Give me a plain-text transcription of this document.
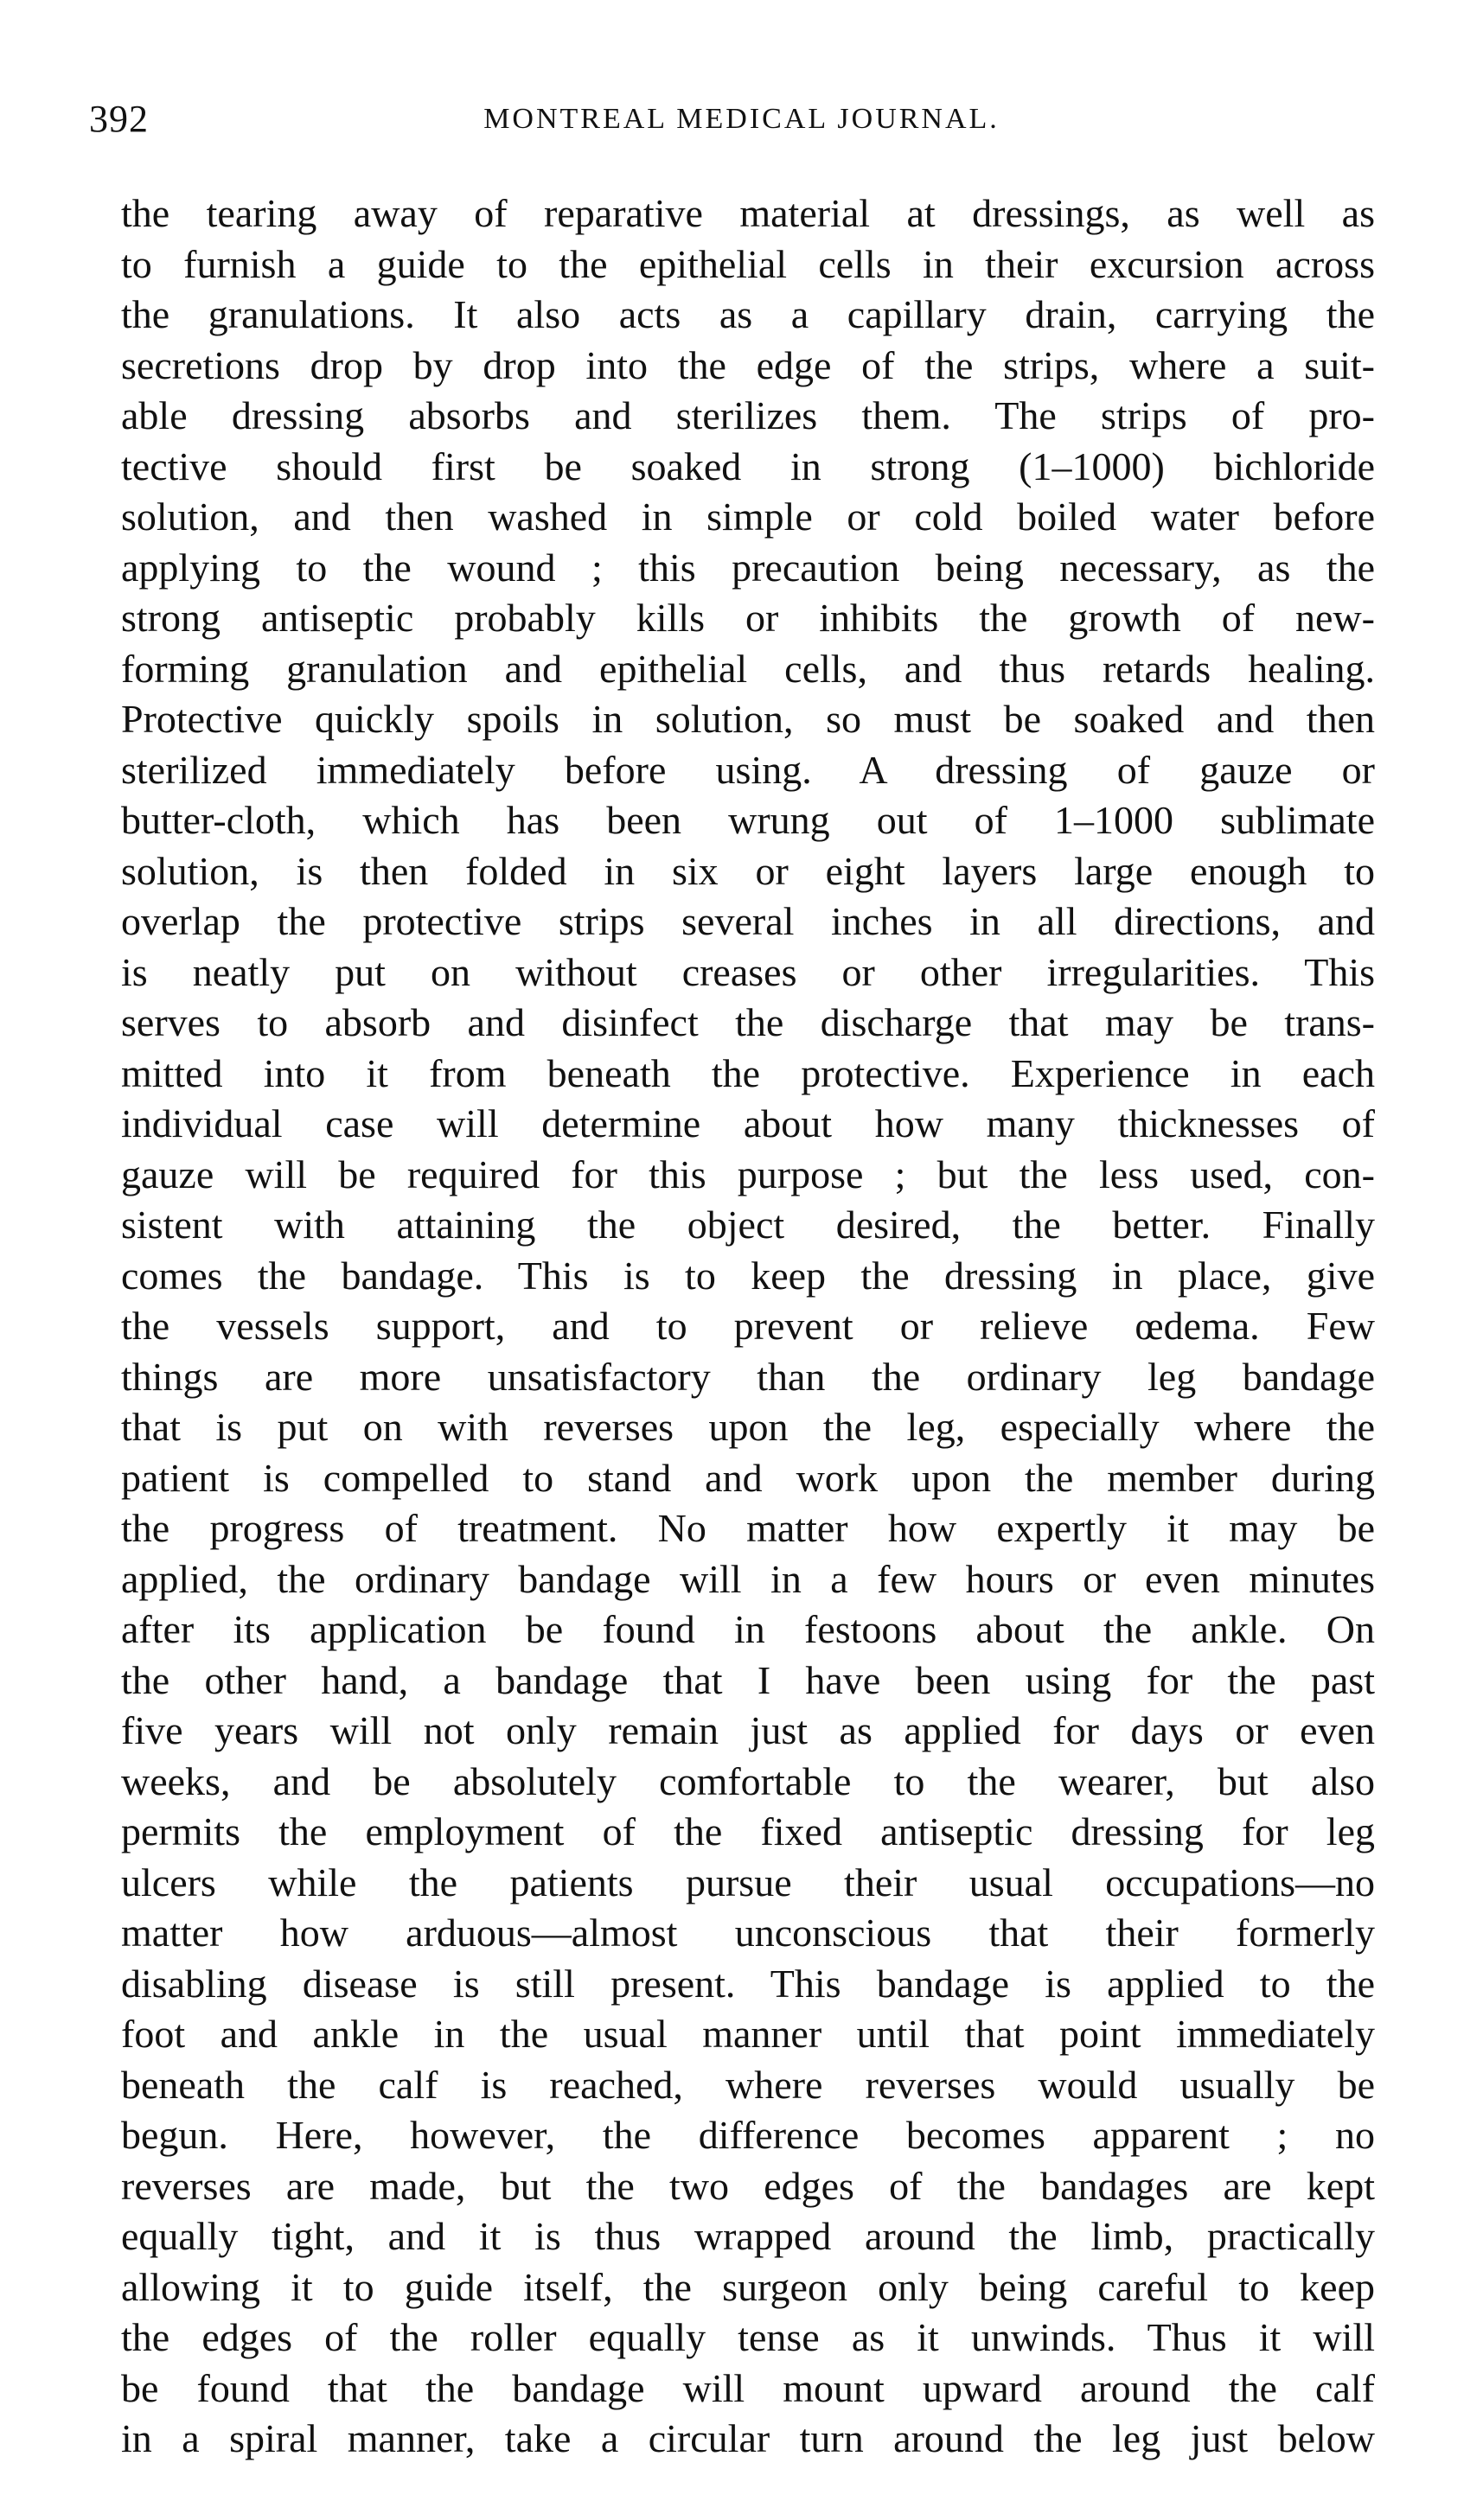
392	MONTREAL MEDICAL JOURNAL.
the tearing away of reparative material at dressings, as well as
to furnish a guide to the epithelial cells in their excursion across
the granulations. It also acts as a capillary drain, carrying the
secretions drop by drop into the edge of the strips, where a suit-
able dressing absorbs and sterilizes them. The strips of pro-
tective should first be soaked in strong (1–1000) bichloride
solution, and then washed in simple or cold boiled water before
applying to the wound ; this precaution being necessary, as the
strong antiseptic probably kills or inhibits the growth of new-
forming granulation and epithelial cells, and thus retards healing.
Protective quickly spoils in solution, so must be soaked and then
sterilized immediately before using. A dressing of gauze or
butter-cloth, which has been wrung out of 1–1000 sublimate
solution, is then folded in six or eight layers large enough to
overlap the protective strips several inches in all directions, and
is neatly put on without creases or other irregularities. This
serves to absorb and disinfect the discharge that may be trans-
mitted into it from beneath the protective. Experience in each
individual case will determine about how many thicknesses of
gauze will be required for this purpose ; but the less used, con-
sistent with attaining the object desired, the better. Finally
comes the bandage. This is to keep the dressing in place, give
the vessels support, and to prevent or relieve œdema. Few
things are more unsatisfactory than the ordinary leg bandage
that is put on with reverses upon the leg, especially where the
patient is compelled to stand and work upon the member during
the progress of treatment. No matter how expertly it may be
applied, the ordinary bandage will in a few hours or even minutes
after its application be found in festoons about the ankle. On
the other hand, a bandage that I have been using for the past
five years will not only remain just as applied for days or even
weeks, and be absolutely comfortable to the wearer, but also
permits the employment of the fixed antiseptic dressing for leg
ulcers while the patients pursue their usual occupations—no
matter how arduous—almost unconscious that their formerly
disabling disease is still present. This bandage is applied to the
foot and ankle in the usual manner until that point immediately
beneath the calf is reached, where reverses would usually be
begun. Here, however, the difference becomes apparent ; no
reverses are made, but the two edges of the bandages are kept
equally tight, and it is thus wrapped around the limb, practically
allowing it to guide itself, the surgeon only being careful to keep
the edges of the roller equally tense as it unwinds. Thus it will
be found that the bandage will mount upward around the calf
in a spiral manner, take a circular turn around the leg just below
